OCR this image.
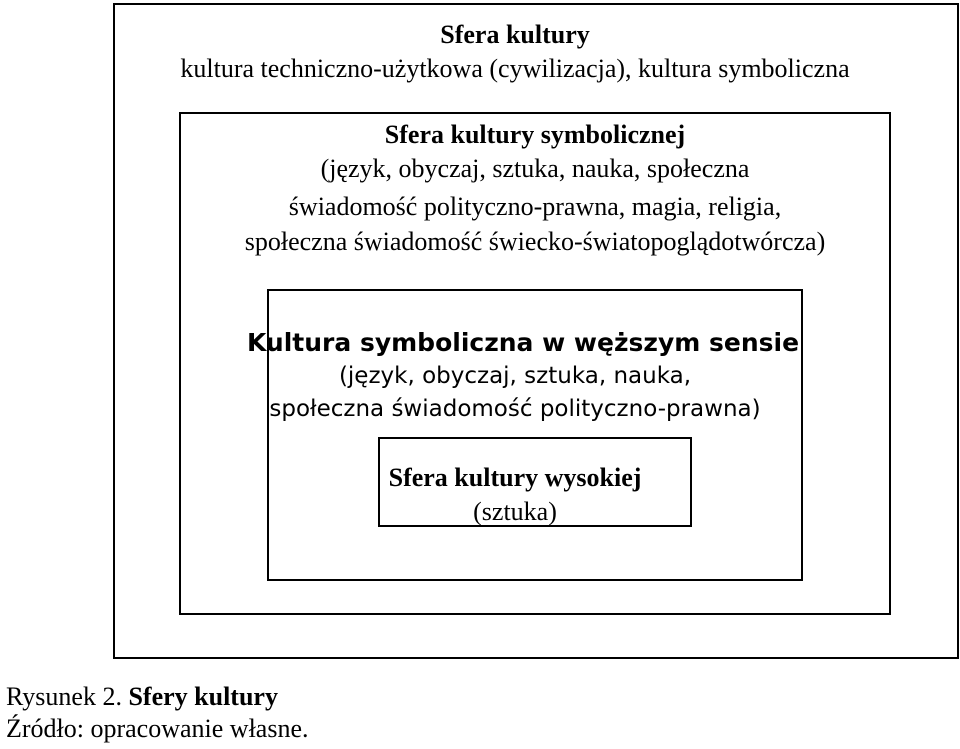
Sfera kultury
kultura techniczno-użytkowa (cywilizacja), kultura symboliczna
Sfera kultury symbolicznej
(język, obyczaj, sztuka, nauka, społeczna
świadomość polityczno-prawna, magia, religia,
społeczna świadomość świecko-światopoglądotwórcza)
Kultura symboliczna w węższym sensie
(język, obyczaj, sztuka, nauka,
społeczna świadomość polityczno-prawna)
Sfera kultury wysokiej
(sztuka)
Rysunek 2. Sfery kultury
Źródło: opracowanie własne.
